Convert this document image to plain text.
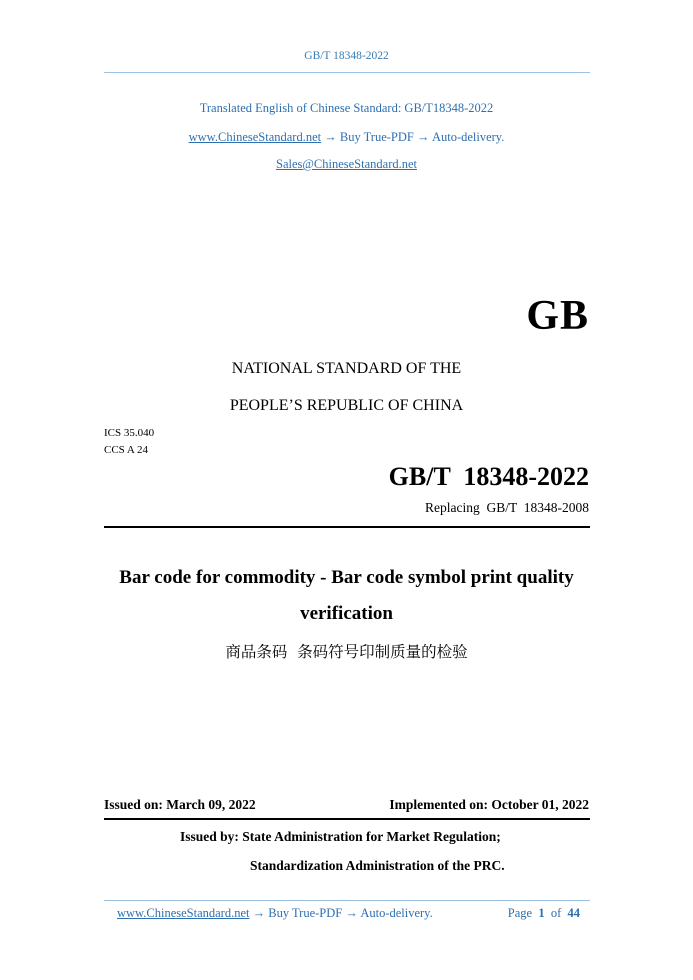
GB/T 18348-2022
Translated English of Chinese Standard: GB/T18348-2022
www.ChineseStandard.net → Buy True-PDF → Auto-delivery.
Sales@ChineseStandard.net
GB
NATIONAL STANDARD OF THE
PEOPLE’S REPUBLIC OF CHINA
ICS 35.040
CCS A 24
GB/T  18348-2022
Replacing  GB/T  18348-2008
Bar code for commodity - Bar code symbol print quality
verification
商品条码  条码符号印制质量的检验
Issued on: March 09, 2022	Implemented on: October 01, 2022
Issued by: State Administration for Market Regulation;
Standardization Administration of the PRC.
www.ChineseStandard.net → Buy True-PDF → Auto-delivery.	Page 1 of 44
